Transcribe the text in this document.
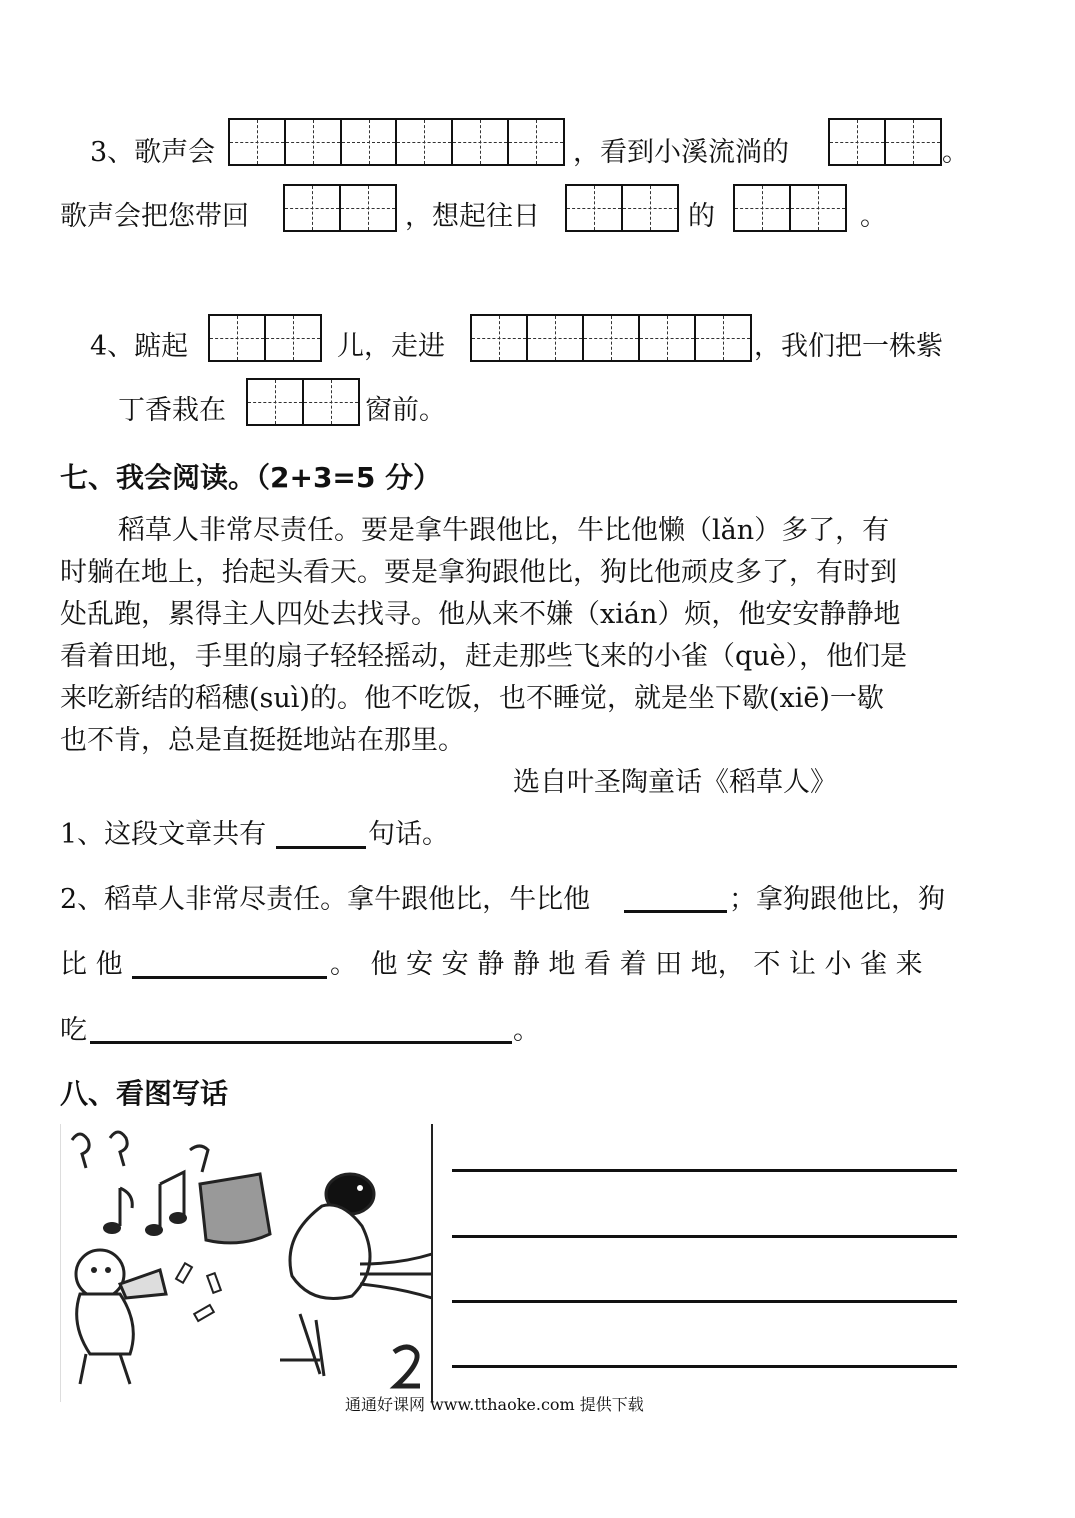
3、歌声会	，看到小溪流淌的	。
歌声会把您带回	，想起往日	的	。
4、踮起	儿，走进	，我们把一株紫
丁香栽在	窗前。
七、我会阅读。（2+3=5 分）

稻草人非常尽责任。要是拿牛跟他比，牛比他懒（lǎn）多了，有

时躺在地上，抬起头看天。要是拿狗跟他比，狗比他顽皮多了，有时到

处乱跑，累得主人四处去找寻。他从来不嫌（xián）烦，他安安静静地

看着田地，手里的扇子轻轻摇动，赶走那些飞来的小雀（què），他们是

来吃新结的稻穗(suì)的。他不吃饭，也不睡觉，就是坐下歇(xiē)一歇

也不肯，总是直挺挺地站在那里。

选自叶圣陶童话《稻草人》
1、这段文章共有	句话。
2、稻草人非常尽责任。拿牛跟他比，牛比他	；拿狗跟他比，狗
比 他	。　他 安 安 静 静 地 看 着 田 地， 不 让 小 雀 来
吃	。
八、看图写话
通通好课网 www.tthaoke.com 提供下载
